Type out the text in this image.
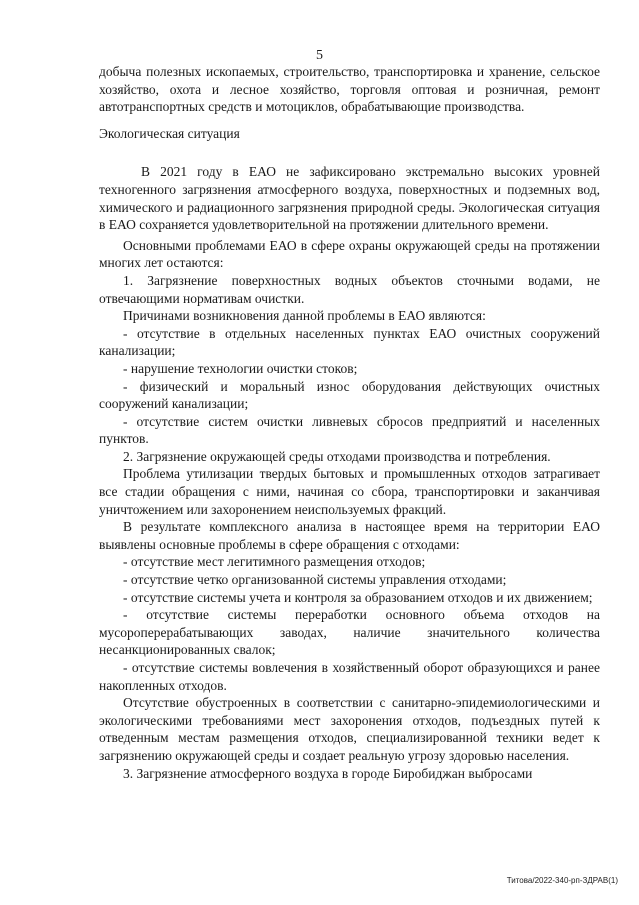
5

добыча полезных ископаемых, строительство, транспортировка и хранение, сельское хозяйство, охота и лесное хозяйство, торговля оптовая и розничная, ремонт автотранспортных средств и мотоциклов, обрабатывающие производства.

Экологическая ситуация

В 2021 году в ЕАО не зафиксировано экстремально высоких уровней техногенного загрязнения атмосферного воздуха, поверхностных и подземных вод, химического и радиационного загрязнения природной среды. Экологическая ситуация в ЕАО сохраняется удовлетворительной на протяжении длительного времени.

Основными проблемами ЕАО в сфере охраны окружающей среды на протяжении многих лет остаются:

1. Загрязнение поверхностных водных объектов сточными водами, не отвечающими нормативам очистки.

Причинами возникновения данной проблемы в ЕАО являются:

- отсутствие в отдельных населенных пунктах ЕАО очистных сооружений канализации;

- нарушение технологии очистки стоков;

- физический и моральный износ оборудования действующих очистных сооружений канализации;

- отсутствие систем очистки ливневых сбросов предприятий и населенных пунктов.

2. Загрязнение окружающей среды отходами производства и потребления.

Проблема утилизации твердых бытовых и промышленных отходов затрагивает все стадии обращения с ними, начиная со сбора, транспортировки и заканчивая уничтожением или захоронением неиспользуемых фракций.

В результате комплексного анализа в настоящее время на территории ЕАО выявлены основные проблемы в сфере обращения с отходами:

- отсутствие мест легитимного размещения отходов;

- отсутствие четко организованной системы управления отходами;

- отсутствие системы учета и контроля за образованием отходов и их движением;

- отсутствие системы переработки основного объема отходов на мусороперерабатывающих заводах, наличие значительного количества несанкционированных свалок;

- отсутствие системы вовлечения в хозяйственный оборот образующихся и ранее накопленных отходов.

Отсутствие обустроенных в соответствии с санитарно-эпидемиологическими и экологическими требованиями мест захоронения отходов, подъездных путей к отведенным местам размещения отходов, специализированной техники ведет к загрязнению окружающей среды и создает реальную угрозу здоровью населения.

3. Загрязнение атмосферного воздуха в городе Биробиджан выбросами

Титова/2022-340-рп-ЗДРАВ(1)
